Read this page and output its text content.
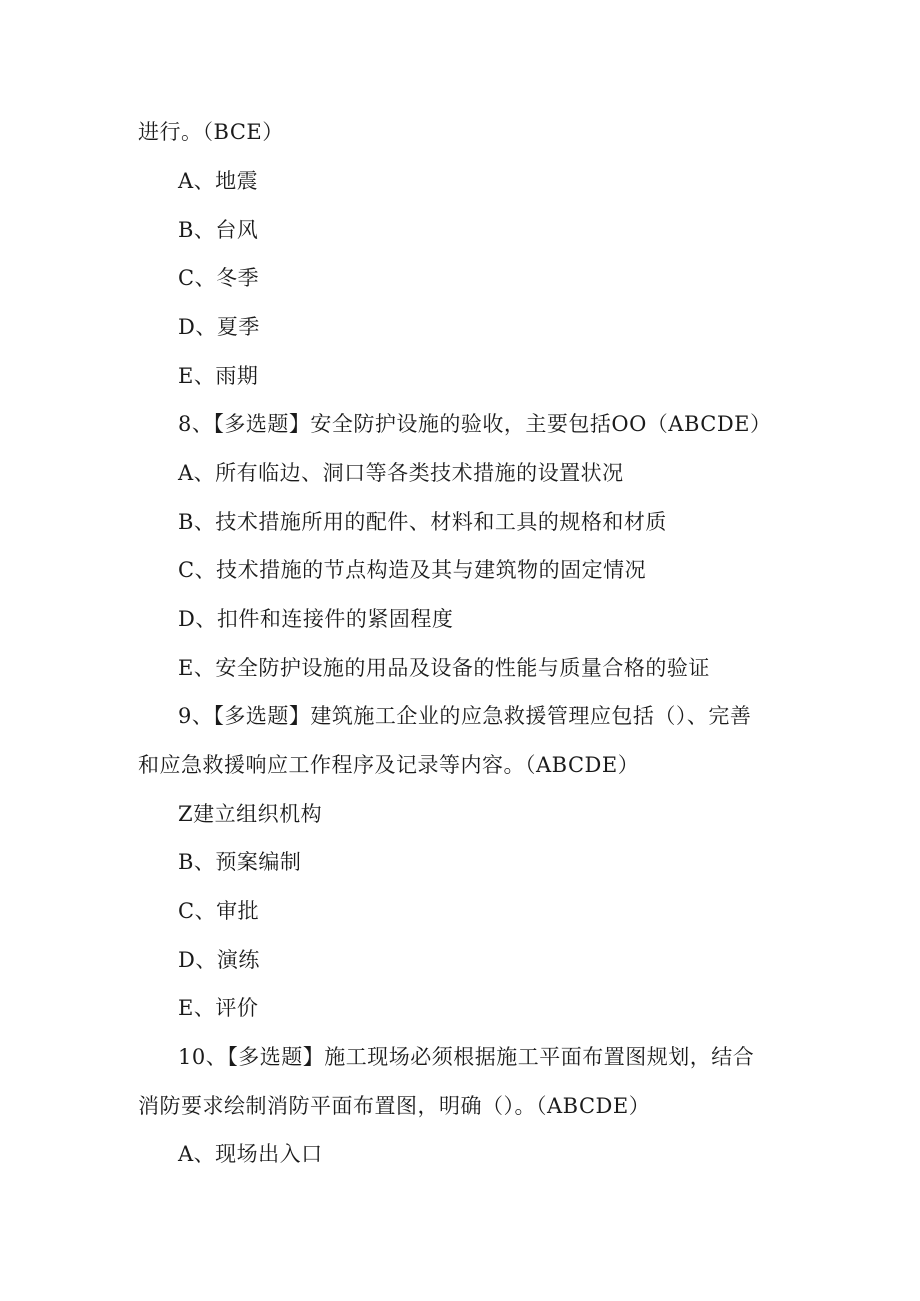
进行。（BCE）
A、地震
B、台风
C、冬季
D、夏季
E、雨期
8、【多选题】安全防护设施的验收，主要包括OO（ABCDE）
A、所有临边、洞口等各类技术措施的设置状况
B、技术措施所用的配件、材料和工具的规格和材质
C、技术措施的节点构造及其与建筑物的固定情况
D、扣件和连接件的紧固程度
E、安全防护设施的用品及设备的性能与质量合格的验证
9、【多选题】建筑施工企业的应急救援管理应包括（）、完善
和应急救援响应工作程序及记录等内容。（ABCDE）
Z建立组织机构
B、预案编制
C、审批
D、演练
E、评价
10、【多选题】施工现场必须根据施工平面布置图规划，结合
消防要求绘制消防平面布置图，明确（）。（ABCDE）
A、现场出入口
